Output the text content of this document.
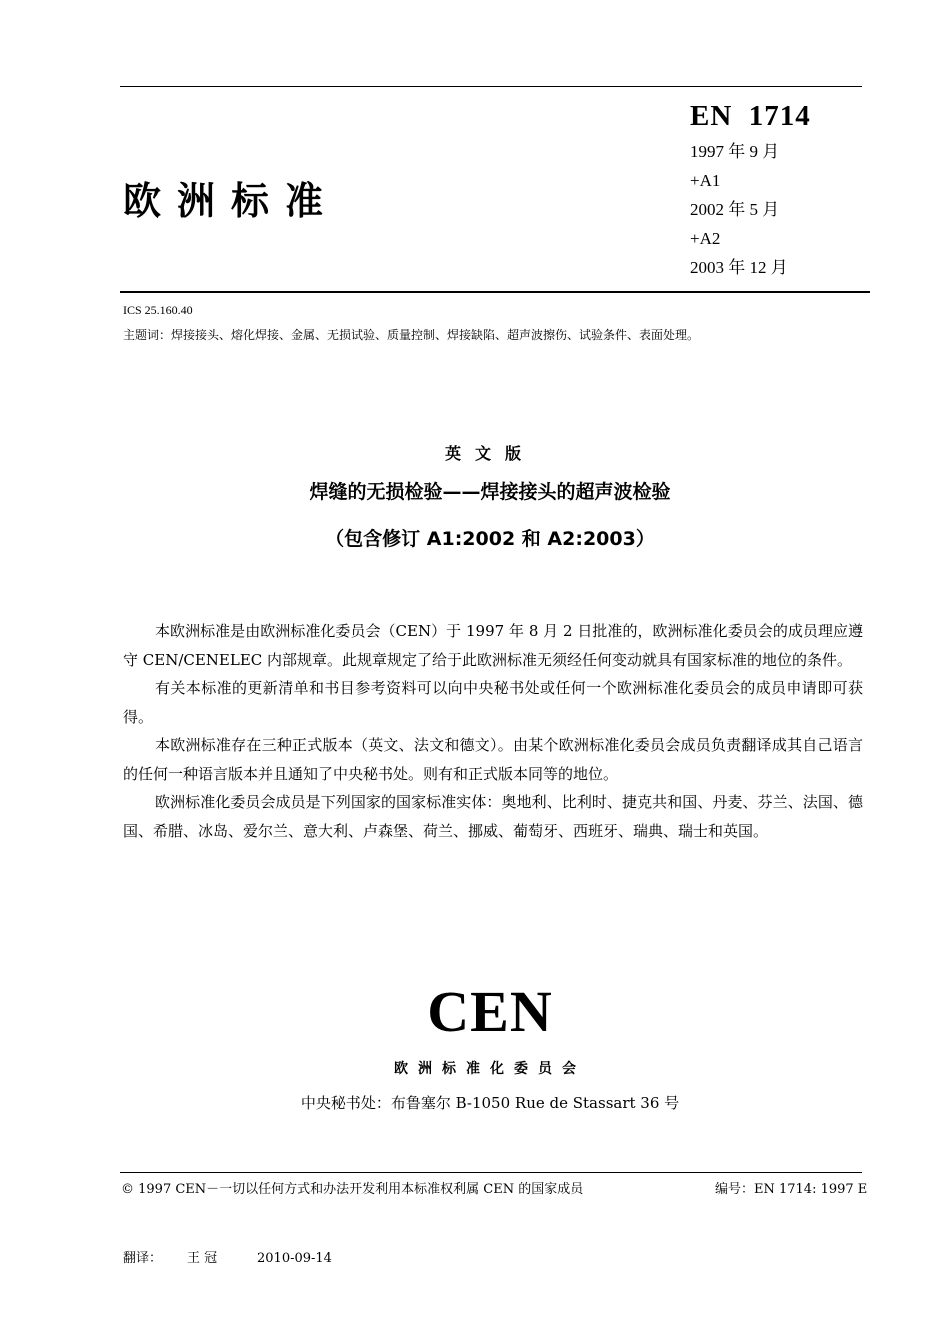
欧洲标准
EN  1714
1997 年 9 月
+A1
2002 年 5 月
+A2
2003 年 12 月
ICS 25.160.40
主题词：焊接接头、熔化焊接、金属、无损试验、质量控制、焊接缺陷、超声波擦伤、试验条件、表面处理。
英文版
焊缝的无损检验——焊接接头的超声波检验
（包含修订 A1:2002 和 A2:2003）

本欧洲标准是由欧洲标准化委员会（CEN）于 1997 年 8 月 2 日批准的，欧洲标准化委员会的成员理应遵守 CEN/CENELEC 内部规章。此规章规定了给于此欧洲标准无须经任何变动就具有国家标准的地位的条件。

有关本标准的更新清单和书目参考资料可以向中央秘书处或任何一个欧洲标准化委员会的成员申请即可获得。

本欧洲标准存在三种正式版本（英文、法文和德文）。由某个欧洲标准化委员会成员负责翻译成其自己语言的任何一种语言版本并且通知了中央秘书处。则有和正式版本同等的地位。

欧洲标准化委员会成员是下列国家的国家标准实体：奥地利、比利时、捷克共和国、丹麦、芬兰、法国、德国、希腊、冰岛、爱尔兰、意大利、卢森堡、荷兰、挪威、葡萄牙、西班牙、瑞典、瑞士和英国。

CEN
欧洲标准化委员会
中央秘书处：布鲁塞尔 B-1050 Rue de Stassart 36 号
© 1997 CEN－一切以任何方式和办法开发利用本标准权利属 CEN 的国家成员	编号：EN 1714: 1997 E
翻译： 王 冠	2010-09-14
